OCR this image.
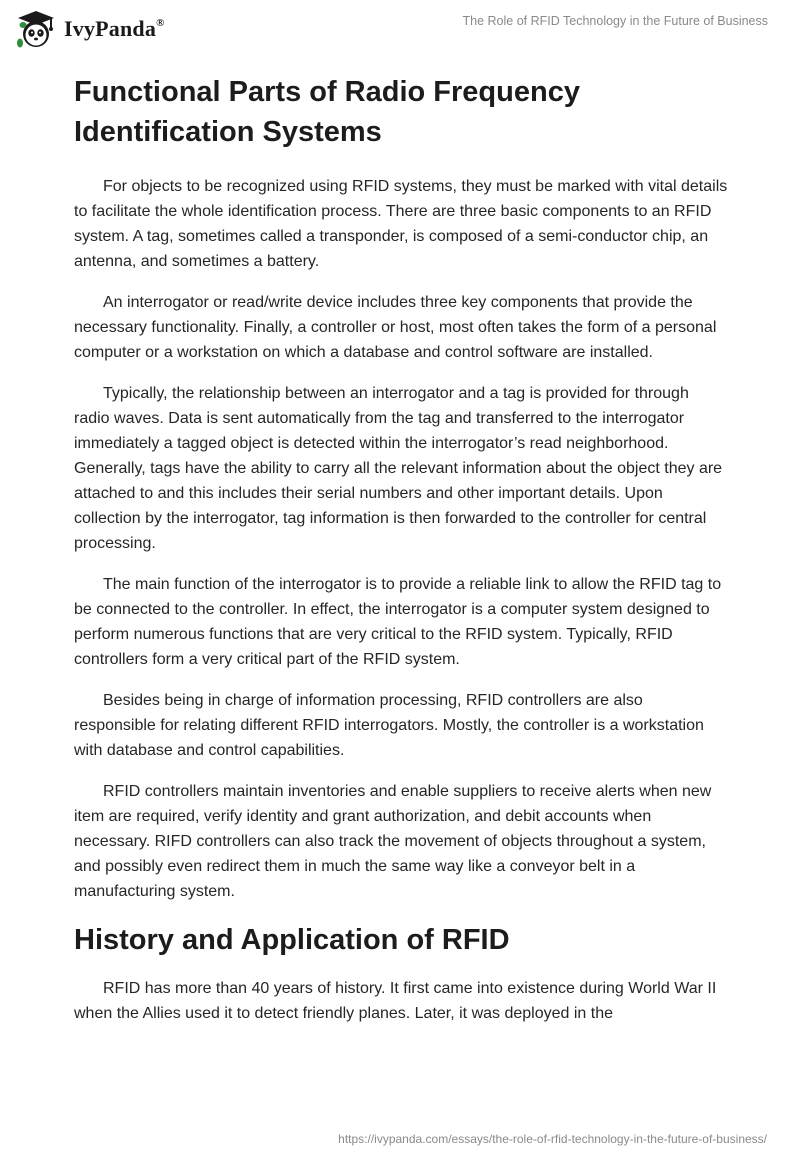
IvyPanda®	The Role of RFID Technology in the Future of Business
Functional Parts of Radio Frequency Identification Systems

For objects to be recognized using RFID systems, they must be marked with vital details to facilitate the whole identification process. There are three basic components to an RFID system. A tag, sometimes called a transponder, is composed of a semi-conductor chip, an antenna, and sometimes a battery.

An interrogator or read/write device includes three key components that provide the necessary functionality. Finally, a controller or host, most often takes the form of a personal computer or a workstation on which a database and control software are installed.

Typically, the relationship between an interrogator and a tag is provided for through radio waves. Data is sent automatically from the tag and transferred to the interrogator immediately a tagged object is detected within the interrogator’s read neighborhood. Generally, tags have the ability to carry all the relevant information about the object they are attached to and this includes their serial numbers and other important details. Upon collection by the interrogator, tag information is then forwarded to the controller for central processing.

The main function of the interrogator is to provide a reliable link to allow the RFID tag to be connected to the controller. In effect, the interrogator is a computer system designed to perform numerous functions that are very critical to the RFID system. Typically, RFID controllers form a very critical part of the RFID system.

Besides being in charge of information processing, RFID controllers are also responsible for relating different RFID interrogators. Mostly, the controller is a workstation with database and control capabilities.

RFID controllers maintain inventories and enable suppliers to receive alerts when new item are required, verify identity and grant authorization, and debit accounts when necessary. RIFD controllers can also track the movement of objects throughout a system, and possibly even redirect them in much the same way like a conveyor belt in a manufacturing system.

History and Application of RFID

RFID has more than 40 years of history. It first came into existence during World War II when the Allies used it to detect friendly planes. Later, it was deployed in the

https://ivypanda.com/essays/the-role-of-rfid-technology-in-the-future-of-business/
